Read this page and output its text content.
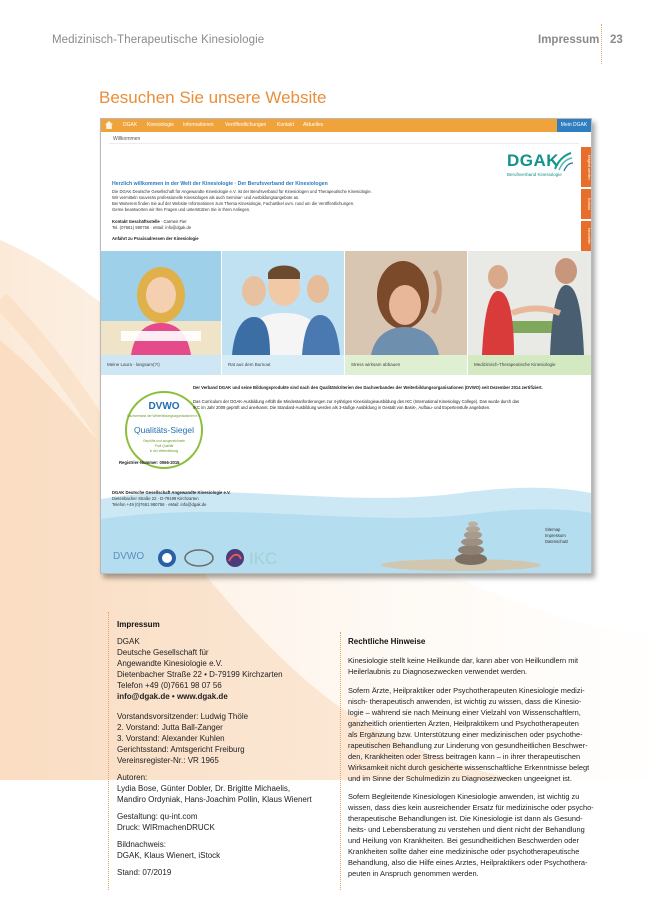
Medizinisch-Therapeutische Kinesiologie	Impressum 23
Besuchen Sie unsere Website
DGAK Kinesiologie Informationen Veröffentlichungen Kontakt Aktuelles	Mein DGAK
Willkommen
DGAK
Berufsverband Kinesiologie	Mitglied werden
Kontakt
Newsletter
Herzlich willkommen in der Welt der Kinesiologie · Der Berufsverband der Kinesiologen
Die DGAK Deutsche Gesellschaft für Angewandte Kinesiologie e.V. ist der Berufsverband für Kinesiologen und Therapeutische Kinesiologie.
Wir vermitteln souverän professionelle Kinesiologen als auch Seminar- und Ausbildungsangebote an.
Bei Weiterem finden Sie auf der Website Informationen zum Thema Kinesiologie, Fachartikel uvm. rund um die Veröffentlichungen.
Gerne beantworten wir Ihre Fragen und unterstützen Sie in Ihren Anliegen.
Kontakt Geschäftsstelle · Carmen Fier
Tel. (07661) 980756 · eMail: info@dgak.de
Anfahrt zu Praxisadressen der Kinesiologie
Meine Laura - langsam(?!)	Rat aus dem Burnout	Stress wirksam abbauen	Medizinisch-Therapeutische Kinesiologie
DVWO
Dachverband der Weiterbildungsorganisationen e.V.
Qualitäts-Siegel
Geprüfte und ausgezeichnete
Profi-Qualität
in der Weiterbildung
Registrier-Nummer: 0066-2015
Der Verband DGAK und seine Bildungsprodukte sind nach den Qualitätskriterien des Dachverbandes der Weiterbildungsorganisationen (DVWO) seit Dezember 2014 zertifiziert.
Das Curriculum der DGAK-Ausbildung erfüllt die Mindestanforderungen zur 4-jährigen Kinesiologieausbildung des IKC (International Kinesiology College). Das wurde durch das
IKC im Jahr 2009 geprüft und anerkannt. Die Standard-Ausbildung werden als 3-stufige Ausbildung in Gestalt von Basis-, Aufbau- und Expertenstufe angeboten.
DGAK Deutsche Gesellschaft Angewandte Kinesiologie e.V.
Dietenbacher Straße 22 · D-79199 Kirchzarten
Telefon +49 (0)7661 980756 · eMail: info@dgak.de
Sitemap
Impressum
Datenschutz
DVWO	IKC
Impressum
DGAK
Deutsche Gesellschaft für
Angewandte Kinesiologie e.V.
Dietenbacher Straße 22 • D-79199 Kirchzarten
Telefon +49 (0)7661 98 07 56
info@dgak.de • www.dgak.de
Vorstandsvorsitzender: Ludwig Thöle
2. Vorstand: Jutta Ball-Zanger
3. Vorstand: Alexander Kuhlen
Gerichtsstand: Amtsgericht Freiburg
Vereinsregister-Nr.: VR 1965
Autoren:
Lydia Bose, Günter Dobler, Dr. Brigitte Michaelis,
Mandiro Ordyniak, Hans-Joachim Pollin, Klaus Wienert
Gestaltung: qu-int.com
Druck: WIRmachenDRUCK
Bildnachweis:
DGAK, Klaus Wienert, iStock
Stand: 07/2019
Rechtliche Hinweise
Kinesiologie stellt keine Heilkunde dar, kann aber von Heilkundlern mit
Heilerlaubnis zu Diagnosezwecken verwendet werden.
Sofern Ärzte, Heilpraktiker oder Psychotherapeuten Kinesiologie medizi-
nisch- therapeutisch anwenden, ist wichtig zu wissen, dass die Kinesio-
logie – während sie nach Meinung einer Vielzahl von Wissenschaftlern,
ganzheitlich orientierten Ärzten, Heilpraktikern und Psychotherapeuten
als Ergänzung bzw. Unterstützung einer medizinischen oder psychothe-
rapeutischen Behandlung zur Linderung von gesundheitlichen Beschwer-
den, Krankheiten oder Stress beitragen kann – in ihrer therapeutischen
Wirksamkeit nicht durch gesicherte wissenschaftliche Erkenntnisse belegt
und im Sinne der Schulmedizin zu Diagnosezwecken ungeeignet ist.
Sofern Begleitende Kinesiologen Kinesiologie anwenden, ist wichtig zu
wissen, dass dies kein ausreichender Ersatz für medizinische oder psycho-
therapeutische Behandlungen ist. Die Kinesiologie ist dann als Gesund-
heits- und Lebensberatung zu verstehen und dient nicht der Behandlung
und Heilung von Krankheiten. Bei gesundheitlichen Beschwerden oder
Krankheiten sollte daher eine medizinische oder psychotherapeutische
Behandlung, also die Hilfe eines Arztes, Heilpraktikers oder Psychothera-
peuten in Anspruch genommen werden.
